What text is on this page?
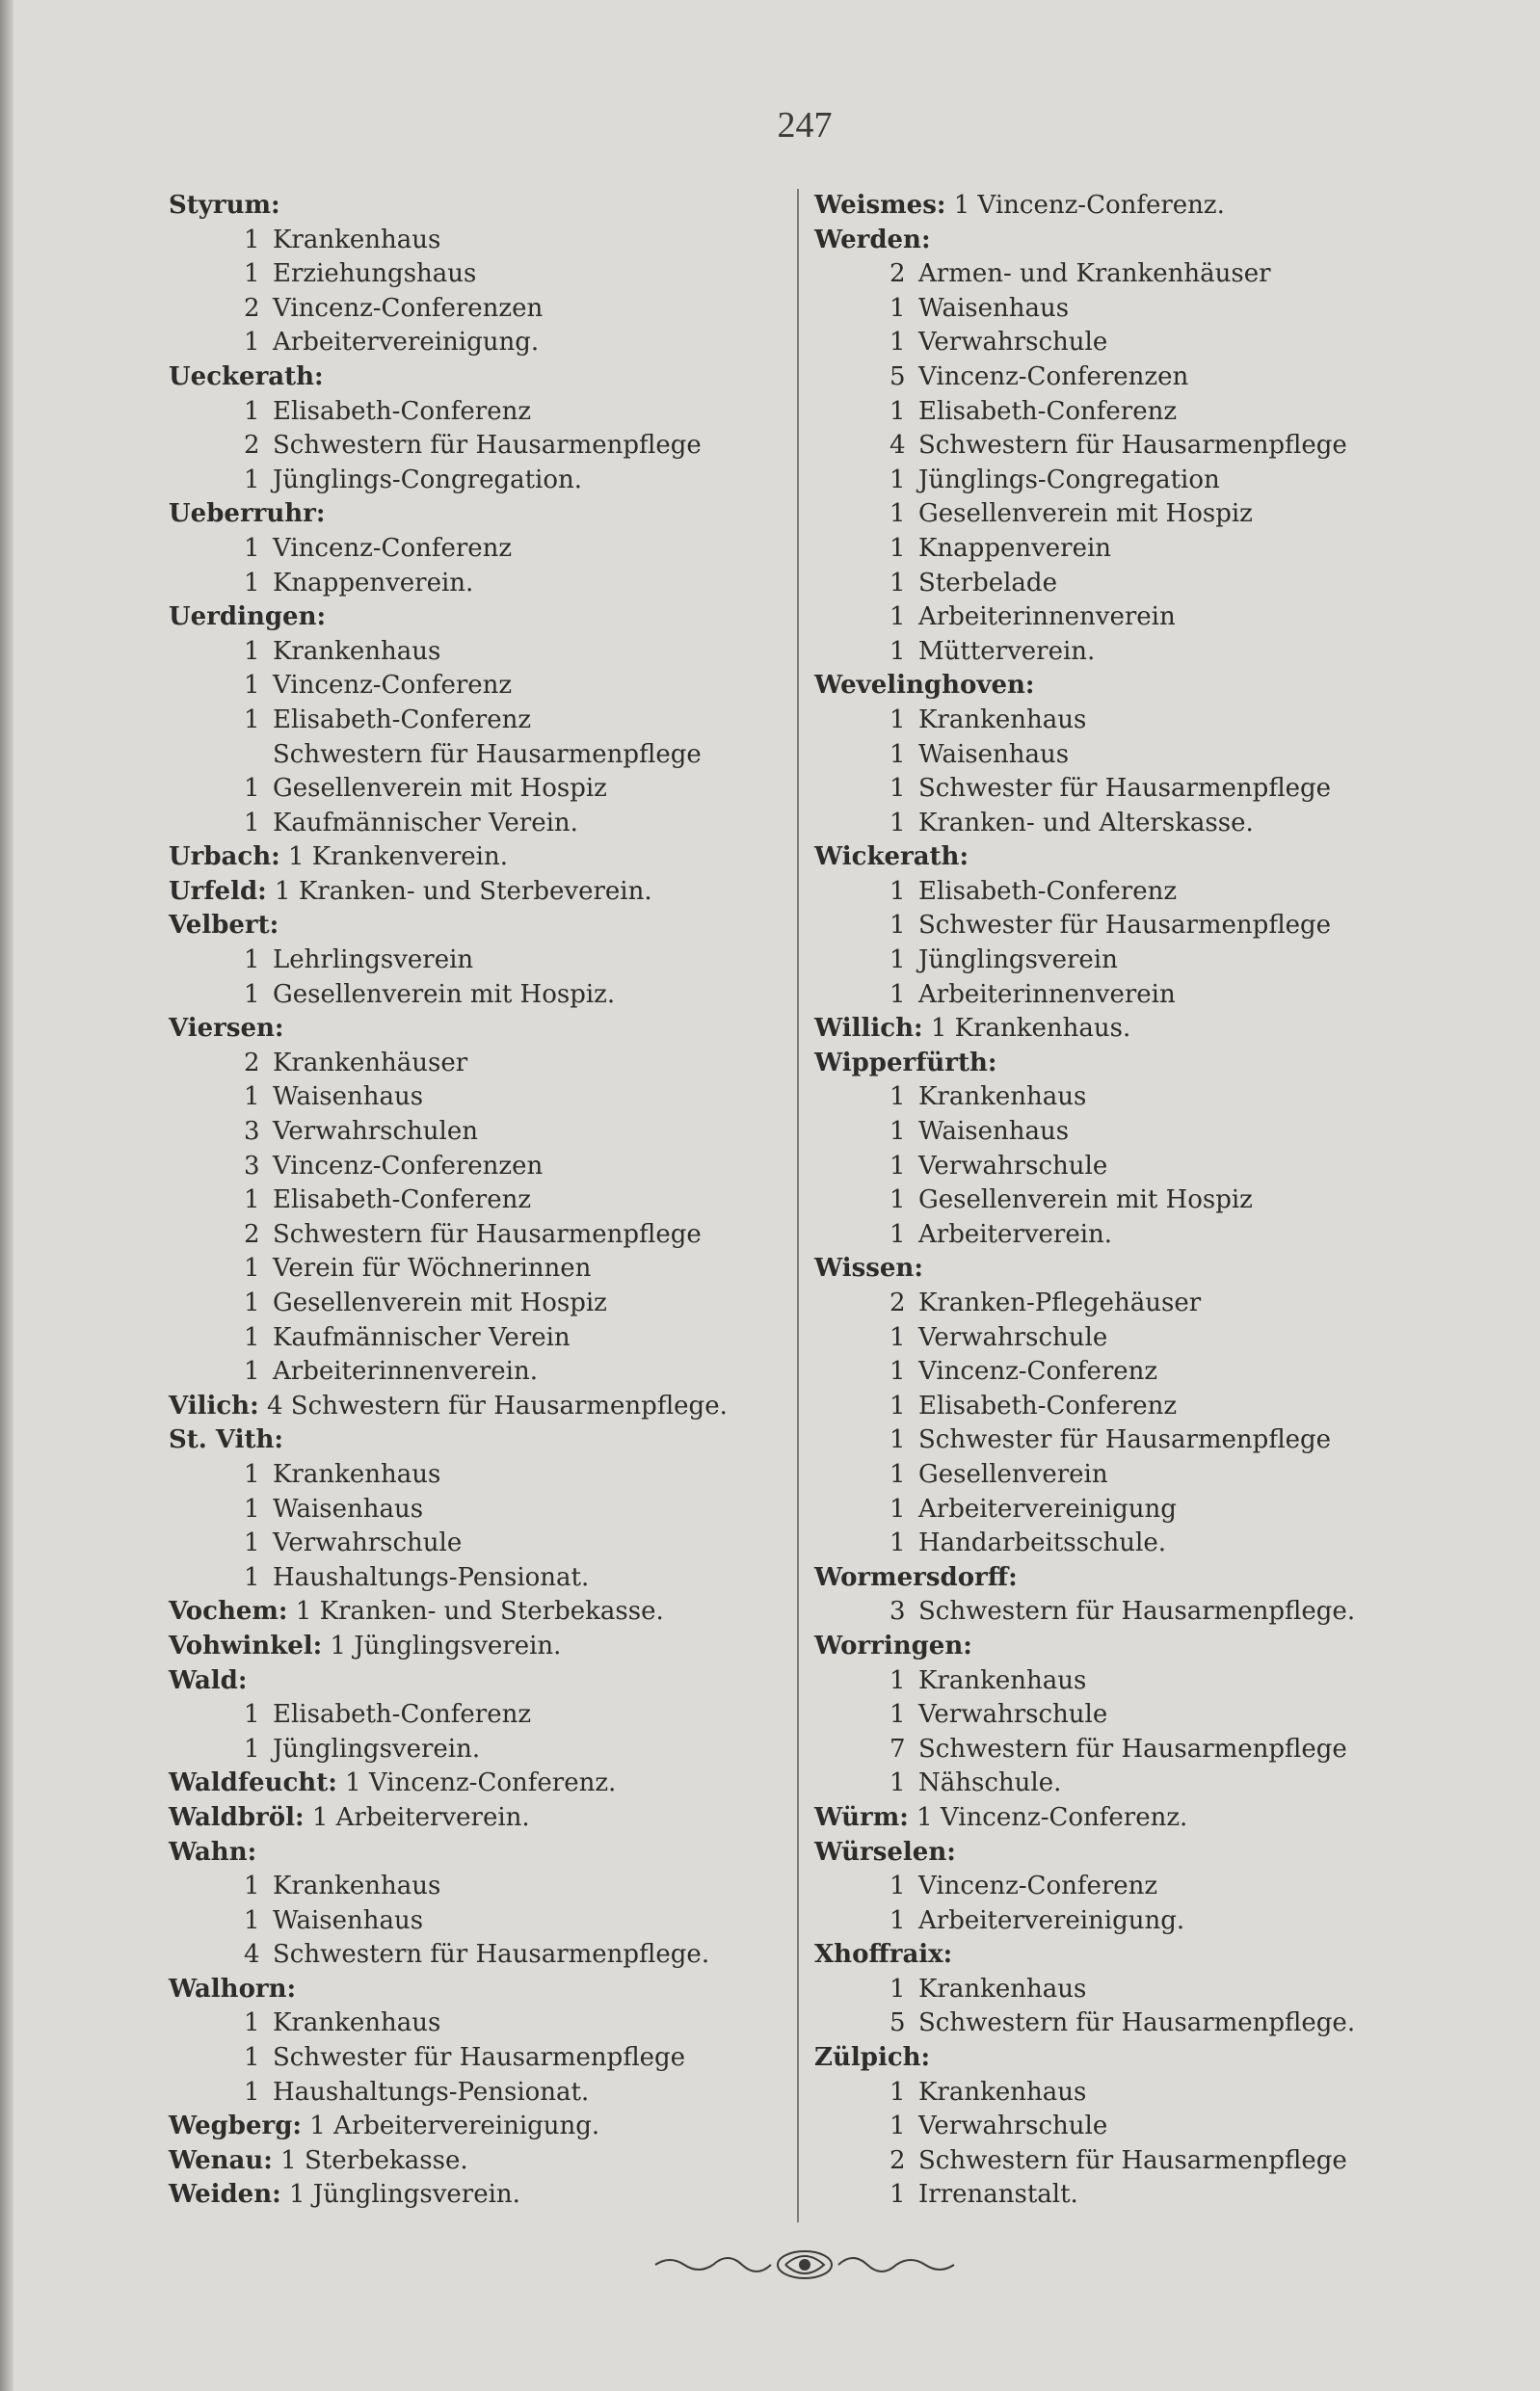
247
Styrum:
1 Krankenhaus
1 Erziehungshaus
2 Vincenz-Conferenzen
1 Arbeitervereinigung.
Ueckerath:
1 Elisabeth-Conferenz
2 Schwestern für Hausarmenpflege
1 Jünglings-Congregation.
Ueberruhr:
1 Vincenz-Conferenz
1 Knappenverein.
Uerdingen:
1 Krankenhaus
1 Vincenz-Conferenz
1 Elisabeth-Conferenz
Schwestern für Hausarmenpflege
1 Gesellenverein mit Hospiz
1 Kaufmännischer Verein.
Urbach: 1 Krankenverein.
Urfeld: 1 Kranken- und Sterbeverein.
Velbert:
1 Lehrlingsverein
1 Gesellenverein mit Hospiz.
Viersen:
2 Krankenhäuser
1 Waisenhaus
3 Verwahrschulen
3 Vincenz-Conferenzen
1 Elisabeth-Conferenz
2 Schwestern für Hausarmenpflege
1 Verein für Wöchnerinnen
1 Gesellenverein mit Hospiz
1 Kaufmännischer Verein
1 Arbeiterinnenverein.
Vilich: 4 Schwestern für Hausarmenpflege.
St. Vith:
1 Krankenhaus
1 Waisenhaus
1 Verwahrschule
1 Haushaltungs-Pensionat.
Vochem: 1 Kranken- und Sterbekasse.
Vohwinkel: 1 Jünglingsverein.
Wald:
1 Elisabeth-Conferenz
1 Jünglingsverein.
Waldfeucht: 1 Vincenz-Conferenz.
Waldbröl: 1 Arbeiterverein.
Wahn:
1 Krankenhaus
1 Waisenhaus
4 Schwestern für Hausarmenpflege.
Walhorn:
1 Krankenhaus
1 Schwester für Hausarmenpflege
1 Haushaltungs-Pensionat.
Wegberg: 1 Arbeitervereinigung.
Wenau: 1 Sterbekasse.
Weiden: 1 Jünglingsverein.
Weismes: 1 Vincenz-Conferenz.
Werden:
2 Armen- und Krankenhäuser
1 Waisenhaus
1 Verwahrschule
5 Vincenz-Conferenzen
1 Elisabeth-Conferenz
4 Schwestern für Hausarmenpflege
1 Jünglings-Congregation
1 Gesellenverein mit Hospiz
1 Knappenverein
1 Sterbelade
1 Arbeiterinnenverein
1 Mütterverein.
Wevelinghoven:
1 Krankenhaus
1 Waisenhaus
1 Schwester für Hausarmenpflege
1 Kranken- und Alterskasse.
Wickerath:
1 Elisabeth-Conferenz
1 Schwester für Hausarmenpflege
1 Jünglingsverein
1 Arbeiterinnenverein
Willich: 1 Krankenhaus.
Wipperfürth:
1 Krankenhaus
1 Waisenhaus
1 Verwahrschule
1 Gesellenverein mit Hospiz
1 Arbeiterverein.
Wissen:
2 Kranken-Pflegehäuser
1 Verwahrschule
1 Vincenz-Conferenz
1 Elisabeth-Conferenz
1 Schwester für Hausarmenpflege
1 Gesellenverein
1 Arbeitervereinigung
1 Handarbeitsschule.
Wormersdorff:
3 Schwestern für Hausarmenpflege.
Worringen:
1 Krankenhaus
1 Verwahrschule
7 Schwestern für Hausarmenpflege
1 Nähschule.
Würm: 1 Vincenz-Conferenz.
Würselen:
1 Vincenz-Conferenz
1 Arbeitervereinigung.
Xhoffraix:
1 Krankenhaus
5 Schwestern für Hausarmenpflege.
Zülpich:
1 Krankenhaus
1 Verwahrschule
2 Schwestern für Hausarmenpflege
1 Irrenanstalt.
